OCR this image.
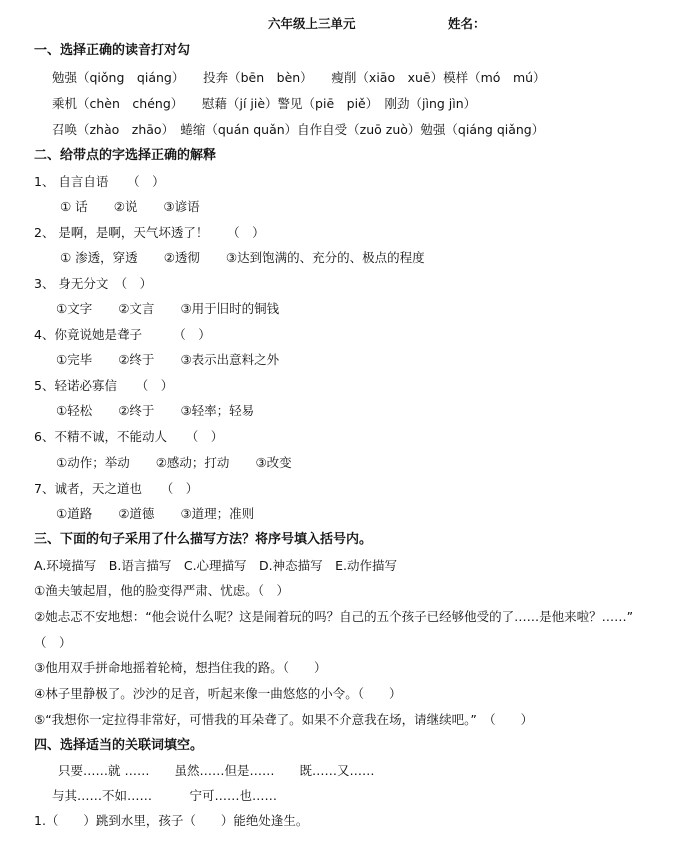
六年级上三单元	姓名：
一、选择正确的读音打对勾
勉强（qiǒng　qiáng）　　投奔（bēn　bèn）　　瘦削（xiāo　xuē）模样（mó　mú）
乘机（chèn　chéng）　　慰藉（jí jiè）警见（piē　piě）　刚劲（jìng jìn）
召唤（zhào　zhāo）　蜷缩（quán quǎn）自作自受（zuō zuò）勉强（qiáng qiǎng）
二、给带点的字选择正确的解释
1、 自言自语　　（　）
① 话 ②说 ③谚语
2、 是啊，是啊，天气坏透了！　　（　）
① 渗透，穿透 ②透彻 ③达到饱满的、充分的、极点的程度
3、 身无分文　（　）
①文字 ②文言 ③用于旧时的铜钱
4、你竟说她是聋子　　　（　）
①完毕 ②终于 ③表示出意料之外
5、轻诺必寡信　　（　）
①轻松 ②终于 ③轻率；轻易
6、不精不诚，不能动人　　（　）
①动作；举动 ②感动；打动 ③改变
7、诚者，天之道也　　（　）
①道路 ②道德 ③道理；准则
三、下面的句子采用了什么描写方法？将序号填入括号内。
A.环境描写　B.语言描写　C.心理描写　D.神态描写　E.动作描写
①渔夫皱起眉，他的脸变得严肃、忧虑。（　）
②她忐忑不安地想：“他会说什么呢？这是闹着玩的吗？自己的五个孩子已经够他受的了……是他来啦？……”　（　）
③他用双手拼命地摇着轮椅，想挡住我的路。（　　）
④林子里静极了。沙沙的足音，听起来像一曲悠悠的小令。（　　）
⑤“我想你一定拉得非常好，可惜我的耳朵聋了。如果不介意我在场，请继续吧。”　（　　）
四、选择适当的关联词填空。
只要……就 ……　　虽然……但是……　　既……又……
与其……不如……　　　宁可……也……
1.（　　）跳到水里，孩子（　　）能绝处逢生。
